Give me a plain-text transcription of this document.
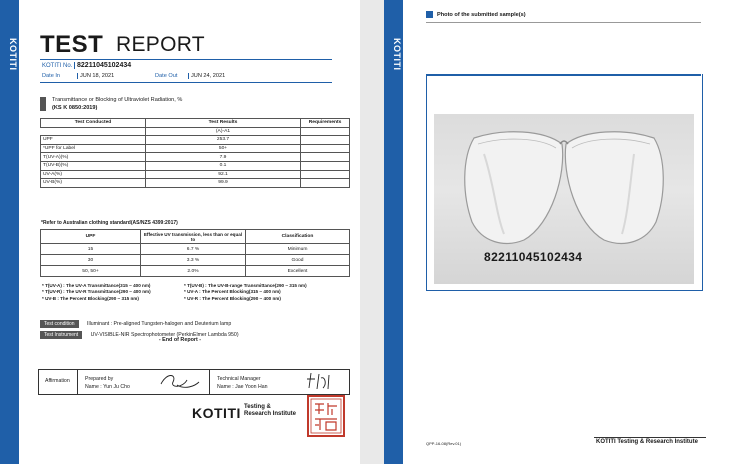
KOTITI TEST REPORT
KOTITI No. 82211045102434
Date In	JUN 18, 2021	Date Out	JUN 24, 2021
Transmittance or Blocking of Ultraviolet Radiation, %
(KS K 0850:2019)
Test Conducted	Test Results	Requirements
	(A)-A1	
UPF	253.7	
*UPF for Label	50+	
T(UV-A)(%)	7.9	
T(UV-B)(%)	0.1	
UV-A(%)	92.1	
UV-B(%)	99.9	
*Refer to Australian clothing standard(AS/NZS 4399:2017)
UPF	Effective UV transmission, less than or equal to	Classification
15	6.7 %	Minimum
30	3.3 %	Good
50, 50+	2.0%	Excellent
* T(UV-A) : The UV-A Transmittance(315 ~ 400 nm)
* T(UV-R) : The UV-R Transmittance(290 ~ 400 nm)
* UV-B : The Percent Blocking(290 ~ 315 nm)
* T(UV-B) : The UV-B-range Transmittance(290 ~ 315 nm)
* UV-A : The Percent Blocking(315 ~ 400 nm)
* UV-R : The Percent Blocking(290 ~ 400 nm)
Test condition Illuminant : Pre-aligned Tungsten-halogen and Deuterium lamp
Test Instrument UV-VISIBLE-NIR Spectrophotometer (PerkinElmer Lambda 950)
- End of Report -
Affirmation	Prepared by
Name : Yun Ju Cho
Technical Manager
Name : Jae Yoon Han
KOTITI Testing &
Research Institute
KOTITI
Photo of the submitted sample(s)
82211045102434
QPP-16-08(Rev.01)	KOTITI Testing & Research Institute
